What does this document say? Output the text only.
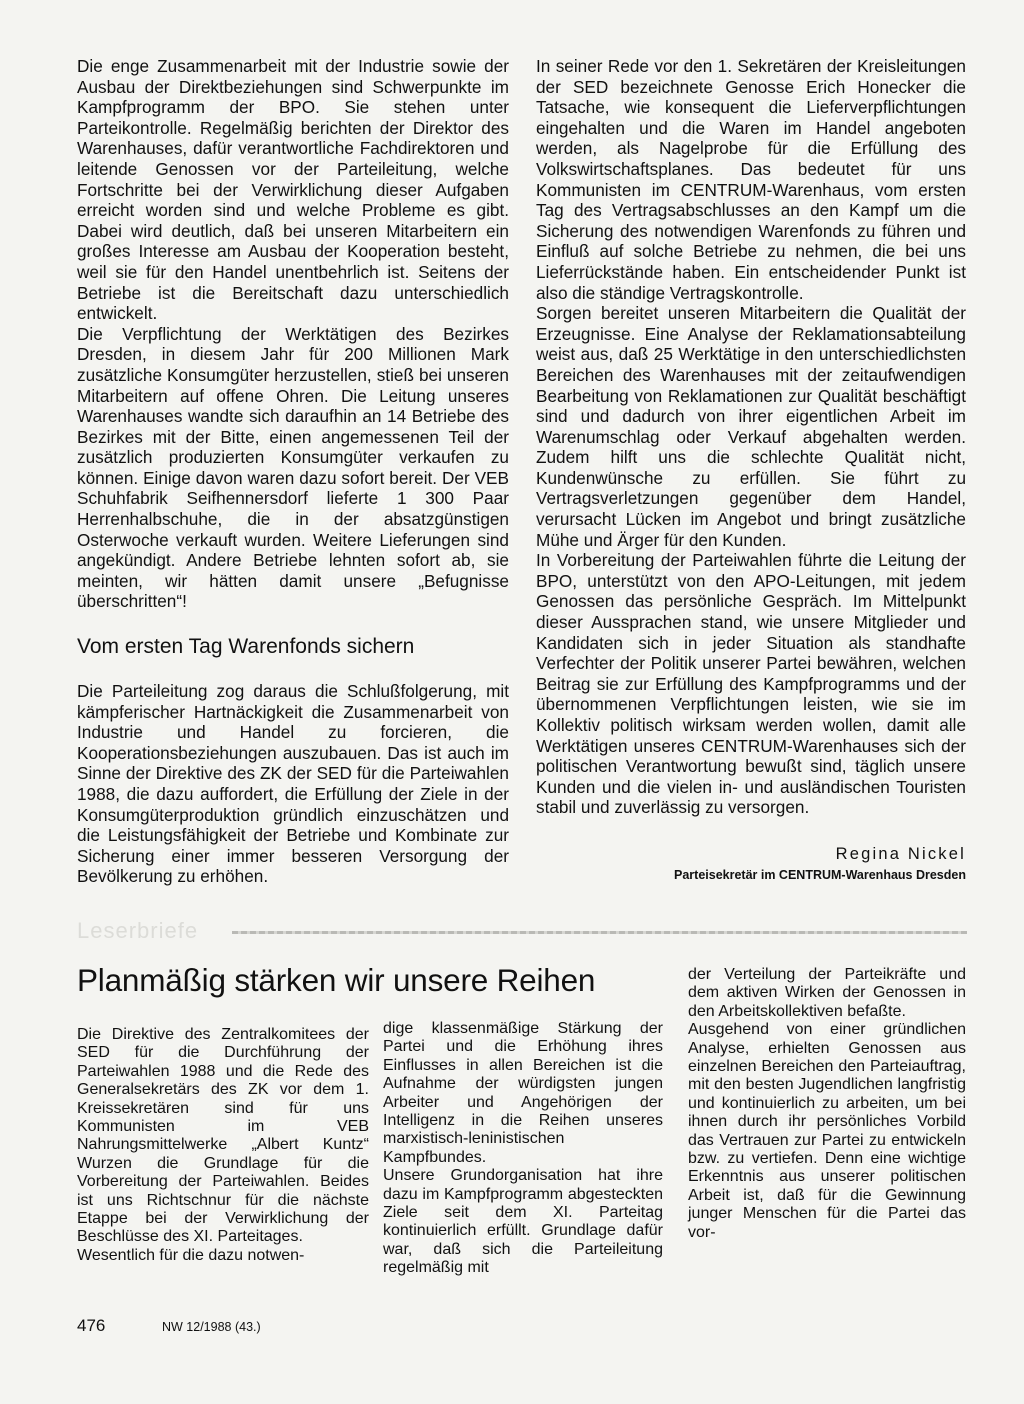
Die enge Zusammenarbeit mit der Industrie sowie der Ausbau der Direktbeziehungen sind Schwerpunkte im Kampfprogramm der BPO. Sie stehen unter Parteikontrolle. Regelmäßig berichten der Direktor des Warenhauses, dafür verantwortliche Fachdirektoren und leitende Genossen vor der Parteileitung, welche Fortschritte bei der Verwirklichung dieser Aufgaben erreicht worden sind und welche Probleme es gibt. Dabei wird deutlich, daß bei unseren Mitarbeitern ein großes Interesse am Ausbau der Kooperation besteht, weil sie für den Handel unentbehrlich ist. Seitens der Betriebe ist die Bereitschaft dazu unterschiedlich entwickelt.

Die Verpflichtung der Werktätigen des Bezirkes Dresden, in diesem Jahr für 200 Millionen Mark zusätzliche Konsumgüter herzustellen, stieß bei unseren Mitarbeitern auf offene Ohren. Die Leitung unseres Warenhauses wandte sich daraufhin an 14 Betriebe des Bezirkes mit der Bitte, einen angemessenen Teil der zusätzlich produzierten Konsumgüter verkaufen zu können. Einige davon waren dazu sofort bereit. Der VEB Schuhfabrik Seifhennersdorf lieferte 1 300 Paar Herrenhalbschuhe, die in der absatzgünstigen Osterwoche verkauft wurden. Weitere Lieferungen sind angekündigt. Andere Betriebe lehnten sofort ab, sie meinten, wir hätten damit unsere „Befugnisse überschritten“!

Vom ersten Tag Warenfonds sichern

Die Parteileitung zog daraus die Schlußfolgerung, mit kämpferischer Hartnäckigkeit die Zusammenarbeit von Industrie und Handel zu forcieren, die Kooperationsbeziehungen auszubauen. Das ist auch im Sinne der Direktive des ZK der SED für die Parteiwahlen 1988, die dazu auffordert, die Erfüllung der Ziele in der Konsumgüterproduktion gründlich einzuschätzen und die Leistungsfähigkeit der Betriebe und Kombinate zur Sicherung einer immer besseren Versorgung der Bevölkerung zu erhöhen.

In seiner Rede vor den 1. Sekretären der Kreisleitungen der SED bezeichnete Genosse Erich Honecker die Tatsache, wie konsequent die Lieferverpflichtungen eingehalten und die Waren im Handel angeboten werden, als Nagelprobe für die Erfüllung des Volkswirtschaftsplanes. Das bedeutet für uns Kommunisten im CENTRUM-Warenhaus, vom ersten Tag des Vertragsabschlusses an den Kampf um die Sicherung des notwendigen Warenfonds zu führen und Einfluß auf solche Betriebe zu nehmen, die bei uns Lieferrückstände haben. Ein entscheidender Punkt ist also die ständige Vertragskontrolle.

Sorgen bereitet unseren Mitarbeitern die Qualität der Erzeugnisse. Eine Analyse der Reklamationsabteilung weist aus, daß 25 Werktätige in den unterschiedlichsten Bereichen des Warenhauses mit der zeitaufwendigen Bearbeitung von Reklamationen zur Qualität beschäftigt sind und dadurch von ihrer eigentlichen Arbeit im Warenumschlag oder Verkauf abgehalten werden. Zudem hilft uns die schlechte Qualität nicht, Kundenwünsche zu erfüllen. Sie führt zu Vertragsverletzungen gegenüber dem Handel, verursacht Lücken im Angebot und bringt zusätzliche Mühe und Ärger für den Kunden.

In Vorbereitung der Parteiwahlen führte die Leitung der BPO, unterstützt von den APO-Leitungen, mit jedem Genossen das persönliche Gespräch. Im Mittelpunkt dieser Aussprachen stand, wie unsere Mitglieder und Kandidaten sich in jeder Situation als standhafte Verfechter der Politik unserer Partei bewähren, welchen Beitrag sie zur Erfüllung des Kampfprogramms und der übernommenen Verpflichtungen leisten, wie sie im Kollektiv politisch wirksam werden wollen, damit alle Werktätigen unseres CENTRUM-Warenhauses sich der politischen Verantwortung bewußt sind, täglich unsere Kunden und die vielen in- und ausländischen Touristen stabil und zuverlässig zu versorgen.

Regina Nickel
Parteisekretär im CENTRUM-Warenhaus Dresden
Leserbriefe
Planmäßig stärken wir unsere Reihen

Die Direktive des Zentralkomitees der SED für die Durchführung der Parteiwahlen 1988 und die Rede des Generalsekretärs des ZK vor dem 1. Kreissekretären sind für uns Kommunisten im VEB Nahrungsmittelwerke „Albert Kuntz“ Wurzen die Grundlage für die Vorbereitung der Parteiwahlen. Beides ist uns Richtschnur für die nächste Etappe bei der Verwirklichung der Beschlüsse des XI. Parteitages.

Wesentlich für die dazu notwen-

dige klassenmäßige Stärkung der Partei und die Erhöhung ihres Einflusses in allen Bereichen ist die Aufnahme der würdigsten jungen Arbeiter und Angehörigen der Intelligenz in die Reihen unseres marxistisch-leninistischen Kampfbundes.

Unsere Grundorganisation hat ihre dazu im Kampfprogramm abgesteckten Ziele seit dem XI. Parteitag kontinuierlich erfüllt. Grundlage dafür war, daß sich die Parteileitung regelmäßig mit

der Verteilung der Parteikräfte und dem aktiven Wirken der Genossen in den Arbeitskollektiven befaßte.

Ausgehend von einer gründlichen Analyse, erhielten Genossen aus einzelnen Bereichen den Parteiauftrag, mit den besten Jugendlichen langfristig und kontinuierlich zu arbeiten, um bei ihnen durch ihr persönliches Vorbild das Vertrauen zur Partei zu entwickeln bzw. zu vertiefen. Denn eine wichtige Erkenntnis aus unserer politischen Arbeit ist, daß für die Gewinnung junger Menschen für die Partei das vor-

476	NW 12/1988 (43.)
